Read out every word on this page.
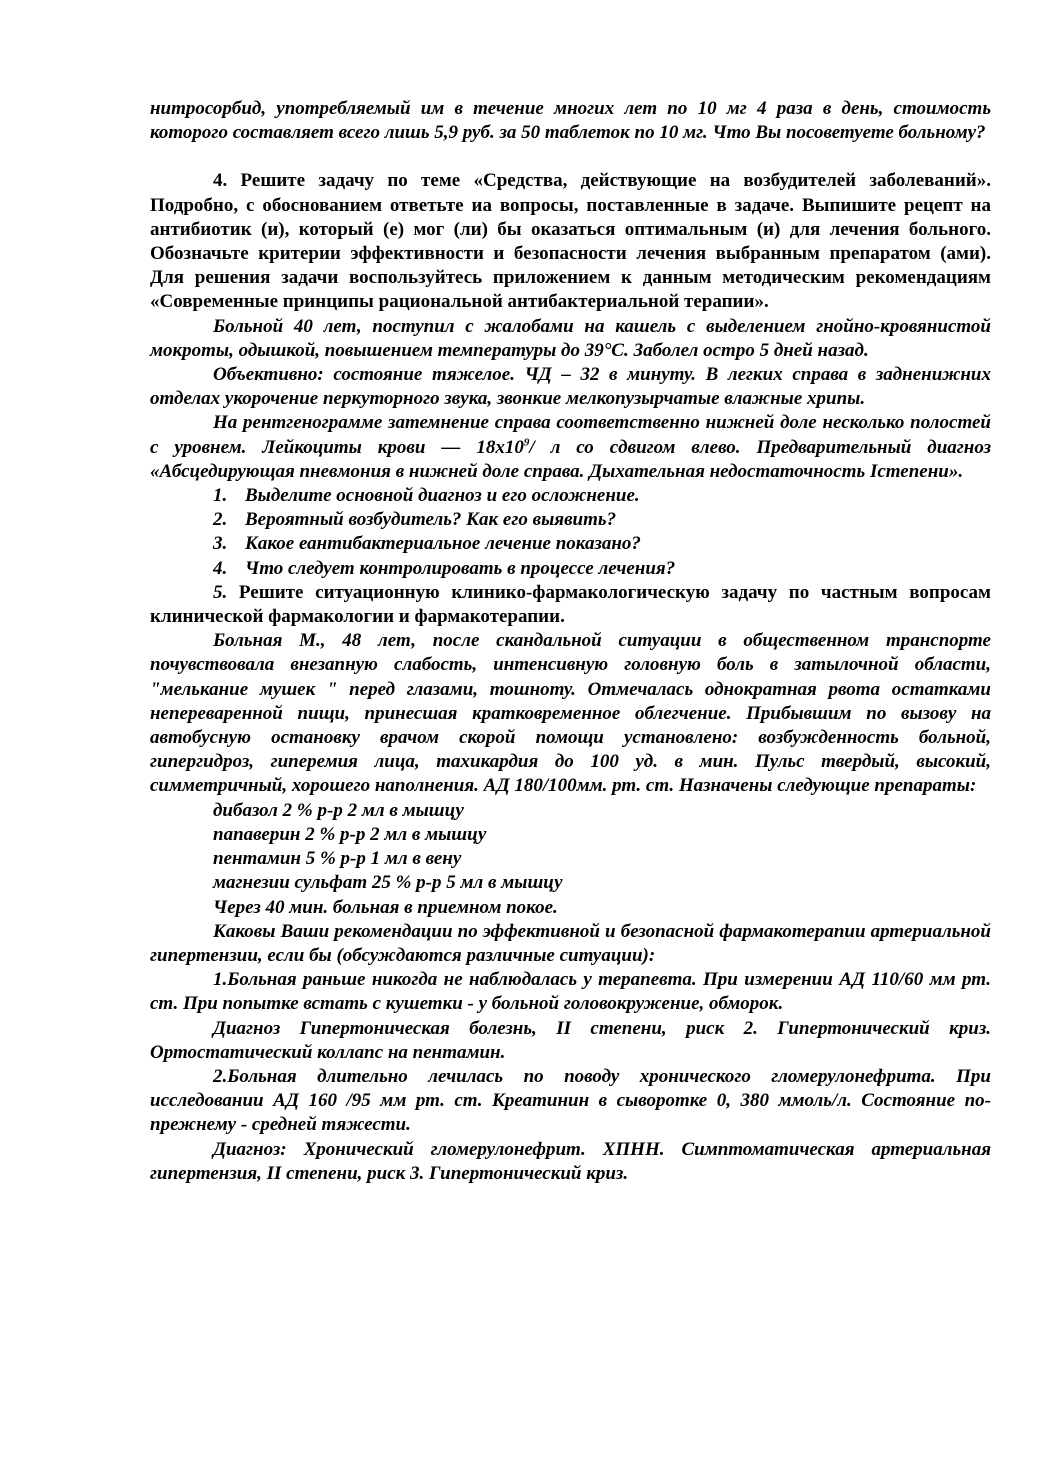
нитросорбид, употребляемый им в течение многих лет по 10 мг 4 раза в день, стоимость которого составляет всего лишь 5,9 руб. за 50 таблеток по 10 мг. Что Вы посоветуете больному?

4. Решите задачу по теме «Средства, действующие на возбудителей заболеваний». Подробно, с обоснованием ответьте иа вопросы, поставленные в задаче. Выпишите рецепт на антибиотик (и), который (е) мог (ли) бы оказаться оптимальным (и) для лечения больного. Обозначьте критерии эффективности и безопасности лечения выбранным препаратом (ами). Для решения задачи воспользуйтесь приложением к данным методическим рекомендациям «Современные принципы рациональной антибактериальной терапии».

Больной 40 лет, поступил с жалобами на кашель с выделением гнойно-кровянистой мокроты, одышкой, повышением температуры до 39°С. Заболел остро 5 дней назад.

Объективно: состояние тяжелое. ЧД – 32 в минуту. В легких справа в задненижних отделах укорочение перкуторного звука, звонкие мелкопузырчатые влажные хрипы.

На рентгенограмме затемнение справа соответственно нижней доле несколько полостей с уровнем. Лейкоциты крови — $18х10^9/$ л со сдвигом влево. Предварительный диагноз «Абсцедирующая пневмония в нижней доле справа. Дыхательная недостаточность Iстепени».

1. Выделите основной диагноз и его осложнение.

2. Вероятный возбудитель? Как его выявить?

3. Какое еантибактериальное лечение показано?

4. Что следует контролировать в процессе лечения?

5. Решите ситуационную клинико-фармакологическую задачу по частным вопросам клинической фармакологии и фармакотерапии.

Больная М., 48 лет, после скандальной ситуации в общественном транспорте почувствовала внезапную слабость, интенсивную головную боль в затылочной области, "мелькание мушек " перед глазами, тошноту. Отмечалась однократная рвота остатками непереваренной пищи, принесшая кратковременное облегчение. Прибывшим по вызову на автобусную остановку врачом скорой помощи установлено: возбужденность больной, гипергидроз, гиперемия лица, тахикардия до 100 уд. в мин. Пульс твердый, высокий, симметричный, хорошего наполнения. АД 180/100мм. рт. ст. Назначены следующие препараты:

дибазол 2 % р-р 2 мл в мышцу

папаверин 2 % р-р 2 мл в мышцу

пентамин 5 % р-р 1 мл в вену

магнезии сульфат 25 % р-р 5 мл в мышцу

Через 40 мин. больная в приемном покое.

Каковы Ваши рекомендации по эффективной и безопасной фармакотерапии артериальной гипертензии, если бы (обсуждаются различные ситуации):

1.Больная раньше никогда не наблюдалась у терапевта. При измерении АД 110/60 мм рт. ст. При попытке встать с кушетки - у больной головокружение, обморок.

Диагноз Гипертоническая болезнь, II степени, риск 2. Гипертонический криз. Ортостатический коллапс на пентамин.

2.Больная длительно лечилась по поводу хронического гломерулонефрита. При исследовании АД 160 /95 мм рт. ст. Креатинин в сыворотке 0, 380 ммоль/л. Состояние по-прежнему - средней тяжести.

Диагноз: Хронический гломерулонефрит. ХПНН. Симптоматическая артериальная гипертензия, II степени, риск 3. Гипертонический криз.
